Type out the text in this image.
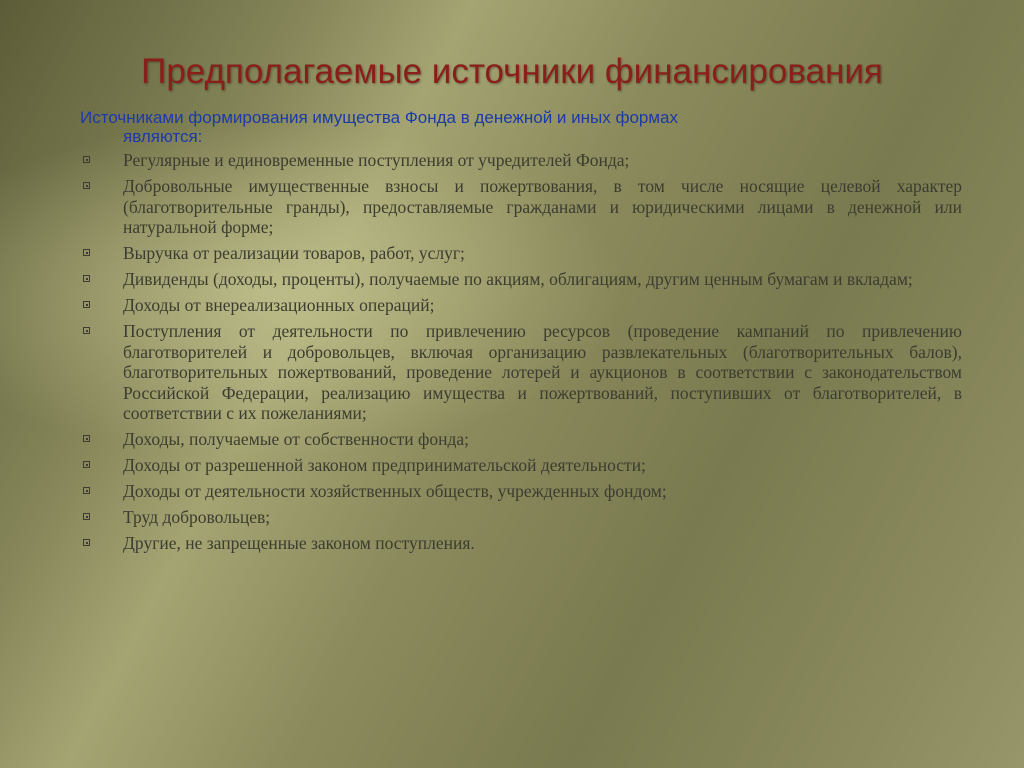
Предполагаемые источники финансирования
Источниками формирования имущества Фонда в денежной и иных формах
являются:
Регулярные и единовременные поступления от учредителей Фонда;
Добровольные имущественные взносы и пожертвования, в том числе носящие целевой характер (благотворительные гранды), предоставляемые гражданами и юридическими лицами в денежной или натуральной форме;
Выручка от реализации товаров, работ, услуг;
Дивиденды (доходы, проценты), получаемые по акциям, облигациям, другим ценным бумагам и вкладам;
Доходы от внереализационных операций;
Поступления от деятельности по привлечению ресурсов (проведение кампаний по привлечению благотворителей и добровольцев, включая организацию развлекательных (благотворительных балов), благотворительных пожертвований, проведение лотерей и аукционов в соответствии с законодательством Российской Федерации, реализацию имущества и пожертвований, поступивших от благотворителей, в соответствии с их пожеланиями;
Доходы, получаемые от собственности фонда;
Доходы от разрешенной законом предпринимательской деятельности;
Доходы от деятельности хозяйственных обществ, учрежденных фондом;
Труд добровольцев;
Другие, не запрещенные законом поступления.
